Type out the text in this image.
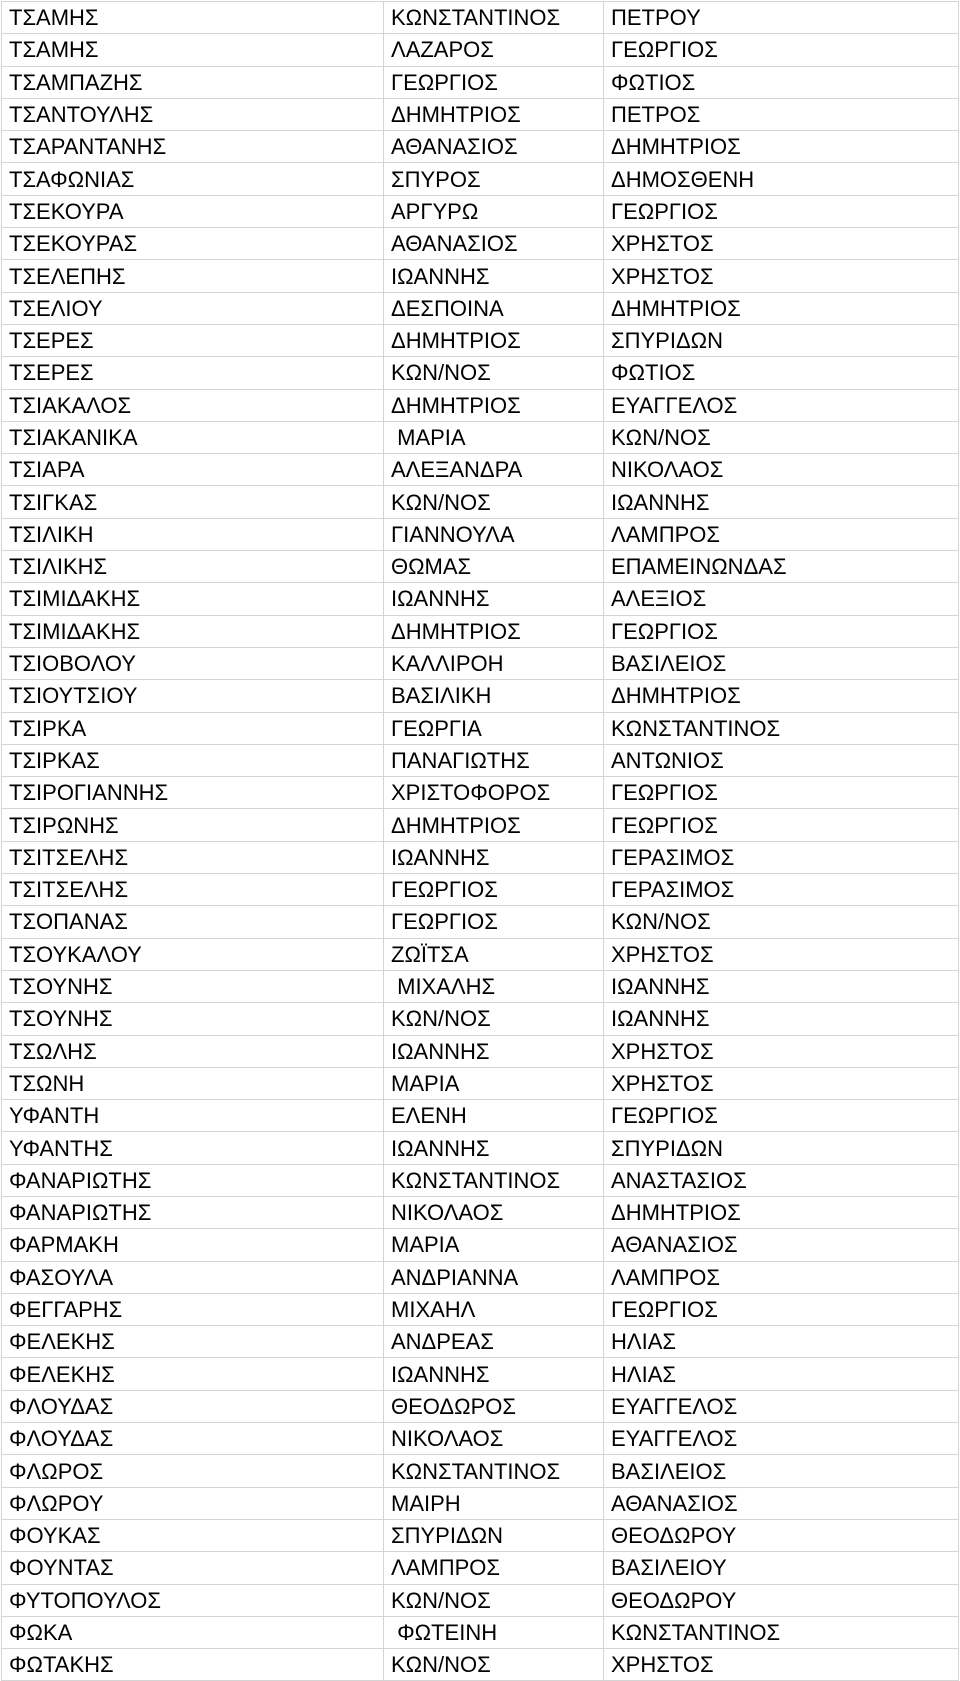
ΤΣΑΜΗΣ	ΚΩΝΣΤΑΝΤΙΝΟΣ	ΠΕΤΡΟΥ
ΤΣΑΜΗΣ	ΛΑΖΑΡΟΣ	ΓΕΩΡΓΙΟΣ
ΤΣΑΜΠΑΖΗΣ	ΓΕΩΡΓΙΟΣ	ΦΩΤΙΟΣ
ΤΣΑΝΤΟΥΛΗΣ	ΔΗΜΗΤΡΙΟΣ	ΠΕΤΡΟΣ
ΤΣΑΡΑΝΤΑΝΗΣ	ΑΘΑΝΑΣΙΟΣ	ΔΗΜΗΤΡΙΟΣ
ΤΣΑΦΩΝΙΑΣ	ΣΠΥΡΟΣ	ΔΗΜΟΣΘΕΝΗ
ΤΣΕΚΟΥΡΑ	ΑΡΓΥΡΩ	ΓΕΩΡΓΙΟΣ
ΤΣΕΚΟΥΡΑΣ	ΑΘΑΝΑΣΙΟΣ	ΧΡΗΣΤΟΣ
ΤΣΕΛΕΠΗΣ	ΙΩΑΝΝΗΣ	ΧΡΗΣΤΟΣ
ΤΣΕΛΙΟΥ	ΔΕΣΠΟΙΝΑ	ΔΗΜΗΤΡΙΟΣ
ΤΣΕΡΕΣ	ΔΗΜΗΤΡΙΟΣ	ΣΠΥΡΙΔΩΝ
ΤΣΕΡΕΣ	ΚΩΝ/ΝΟΣ	ΦΩΤΙΟΣ
ΤΣΙΑΚΑΛΟΣ	ΔΗΜΗΤΡΙΟΣ	ΕΥΑΓΓΕΛΟΣ
ΤΣΙΑΚΑΝΙΚΑ	ΜΑΡΙΑ	ΚΩΝ/ΝΟΣ
ΤΣΙΑΡΑ	ΑΛΕΞΑΝΔΡΑ	ΝΙΚΟΛΑΟΣ
ΤΣΙΓΚΑΣ	ΚΩΝ/ΝΟΣ	ΙΩΑΝΝΗΣ
ΤΣΙΛΙΚΗ	ΓΙΑΝΝΟΥΛΑ	ΛΑΜΠΡΟΣ
ΤΣΙΛΙΚΗΣ	ΘΩΜΑΣ	ΕΠΑΜΕΙΝΩΝΔΑΣ
ΤΣΙΜΙΔΑΚΗΣ	ΙΩΑΝΝΗΣ	ΑΛΕΞΙΟΣ
ΤΣΙΜΙΔΑΚΗΣ	ΔΗΜΗΤΡΙΟΣ	ΓΕΩΡΓΙΟΣ
ΤΣΙΟΒΟΛΟΥ	ΚΑΛΛΙΡΟΗ	ΒΑΣΙΛΕΙΟΣ
ΤΣΙΟΥΤΣΙΟΥ	ΒΑΣΙΛΙΚΗ	ΔΗΜΗΤΡΙΟΣ
ΤΣΙΡΚΑ	ΓΕΩΡΓΙΑ	ΚΩΝΣΤΑΝΤΙΝΟΣ
ΤΣΙΡΚΑΣ	ΠΑΝΑΓΙΩΤΗΣ	ΑΝΤΩΝΙΟΣ
ΤΣΙΡΟΓΙΑΝΝΗΣ	ΧΡΙΣΤΟΦΟΡΟΣ	ΓΕΩΡΓΙΟΣ
ΤΣΙΡΩΝΗΣ	ΔΗΜΗΤΡΙΟΣ	ΓΕΩΡΓΙΟΣ
ΤΣΙΤΣΕΛΗΣ	ΙΩΑΝΝΗΣ	ΓΕΡΑΣΙΜΟΣ
ΤΣΙΤΣΕΛΗΣ	ΓΕΩΡΓΙΟΣ	ΓΕΡΑΣΙΜΟΣ
ΤΣΟΠΑΝΑΣ	ΓΕΩΡΓΙΟΣ	ΚΩΝ/ΝΟΣ
ΤΣΟΥΚΑΛΟΥ	ΖΩΪΤΣΑ	ΧΡΗΣΤΟΣ
ΤΣΟΥΝΗΣ	ΜΙΧΑΛΗΣ	ΙΩΑΝΝΗΣ
ΤΣΟΥΝΗΣ	ΚΩΝ/ΝΟΣ	ΙΩΑΝΝΗΣ
ΤΣΩΛΗΣ	ΙΩΑΝΝΗΣ	ΧΡΗΣΤΟΣ
ΤΣΩΝΗ	ΜΑΡΙΑ	ΧΡΗΣΤΟΣ
ΥΦΑΝΤΗ	ΕΛΕΝΗ	ΓΕΩΡΓΙΟΣ
ΥΦΑΝΤΗΣ	ΙΩΑΝΝΗΣ	ΣΠΥΡΙΔΩΝ
ΦΑΝΑΡΙΩΤΗΣ	ΚΩΝΣΤΑΝΤΙΝΟΣ	ΑΝΑΣΤΑΣΙΟΣ
ΦΑΝΑΡΙΩΤΗΣ	ΝΙΚΟΛΑΟΣ	ΔΗΜΗΤΡΙΟΣ
ΦΑΡΜΑΚΗ	ΜΑΡΙΑ	ΑΘΑΝΑΣΙΟΣ
ΦΑΣΟΥΛΑ	ΑΝΔΡΙΑΝΝΑ	ΛΑΜΠΡΟΣ
ΦΕΓΓΑΡΗΣ	ΜΙΧΑΗΛ	ΓΕΩΡΓΙΟΣ
ΦΕΛΕΚΗΣ	ΑΝΔΡΕΑΣ	ΗΛΙΑΣ
ΦΕΛΕΚΗΣ	ΙΩΑΝΝΗΣ	ΗΛΙΑΣ
ΦΛΟΥΔΑΣ	ΘΕΟΔΩΡΟΣ	ΕΥΑΓΓΕΛΟΣ
ΦΛΟΥΔΑΣ	ΝΙΚΟΛΑΟΣ	ΕΥΑΓΓΕΛΟΣ
ΦΛΩΡΟΣ	ΚΩΝΣΤΑΝΤΙΝΟΣ	ΒΑΣΙΛΕΙΟΣ
ΦΛΩΡΟΥ	ΜΑΙΡΗ	ΑΘΑΝΑΣΙΟΣ
ΦΟΥΚΑΣ	ΣΠΥΡΙΔΩΝ	ΘΕΟΔΩΡΟΥ
ΦΟΥΝΤΑΣ	ΛΑΜΠΡΟΣ	ΒΑΣΙΛΕΙΟΥ
ΦΥΤΟΠΟΥΛΟΣ	ΚΩΝ/ΝΟΣ	ΘΕΟΔΩΡΟΥ
ΦΩΚΑ	ΦΩΤΕΙΝΗ	ΚΩΝΣΤΑΝΤΙΝΟΣ
ΦΩΤΑΚΗΣ	ΚΩΝ/ΝΟΣ	ΧΡΗΣΤΟΣ
